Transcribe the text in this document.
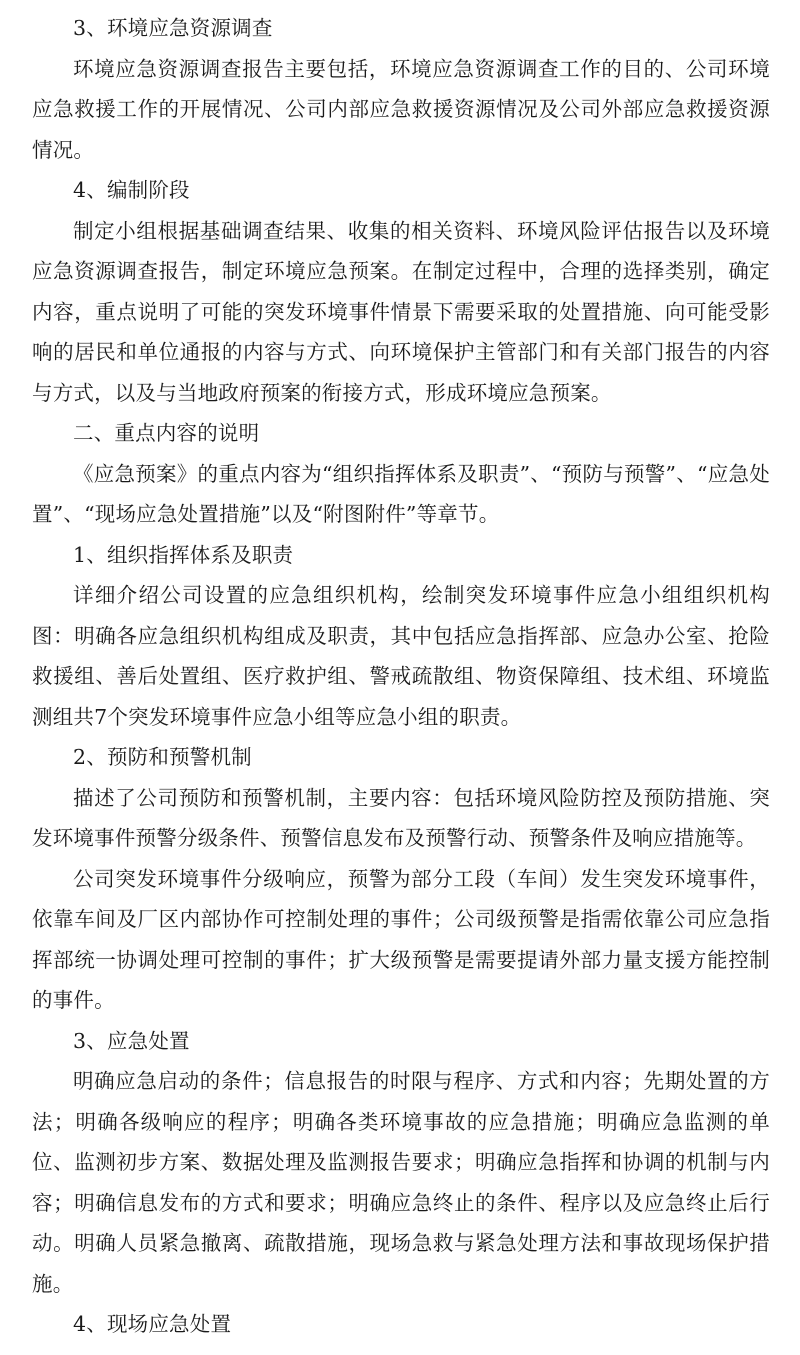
3、环境应急资源调查

环境应急资源调查报告主要包括，环境应急资源调查工作的目的、公司环境应急救援工作的开展情况、公司内部应急救援资源情况及公司外部应急救援资源情况。

4、编制阶段

制定小组根据基础调查结果、收集的相关资料、环境风险评估报告以及环境应急资源调查报告，制定环境应急预案。在制定过程中，合理的选择类别，确定内容，重点说明了可能的突发环境事件情景下需要采取的处置措施、向可能受影响的居民和单位通报的内容与方式、向环境保护主管部门和有关部门报告的内容与方式，以及与当地政府预案的衔接方式，形成环境应急预案。

二、重点内容的说明

《应急预案》的重点内容为“组织指挥体系及职责”、“预防与预警”、“应急处置”、“现场应急处置措施”以及“附图附件”等章节。

1、组织指挥体系及职责

详细介绍公司设置的应急组织机构，绘制突发环境事件应急小组组织机构图：明确各应急组织机构组成及职责，其中包括应急指挥部、应急办公室、抢险救援组、善后处置组、医疗救护组、警戒疏散组、物资保障组、技术组、环境监测组共7个突发环境事件应急小组等应急小组的职责。

2、预防和预警机制

描述了公司预防和预警机制，主要内容：包括环境风险防控及预防措施、突发环境事件预警分级条件、预警信息发布及预警行动、预警条件及响应措施等。

公司突发环境事件分级响应，预警为部分工段（车间）发生突发环境事件，依靠车间及厂区内部协作可控制处理的事件；公司级预警是指需依靠公司应急指挥部统一协调处理可控制的事件；扩大级预警是需要提请外部力量支援方能控制的事件。

3、应急处置

明确应急启动的条件；信息报告的时限与程序、方式和内容；先期处置的方法；明确各级响应的程序；明确各类环境事故的应急措施；明确应急监测的单位、监测初步方案、数据处理及监测报告要求；明确应急指挥和协调的机制与内容；明确信息发布的方式和要求；明确应急终止的条件、程序以及应急终止后行动。明确人员紧急撤离、疏散措施，现场急救与紧急处理方法和事故现场保护措施。

4、现场应急处置
